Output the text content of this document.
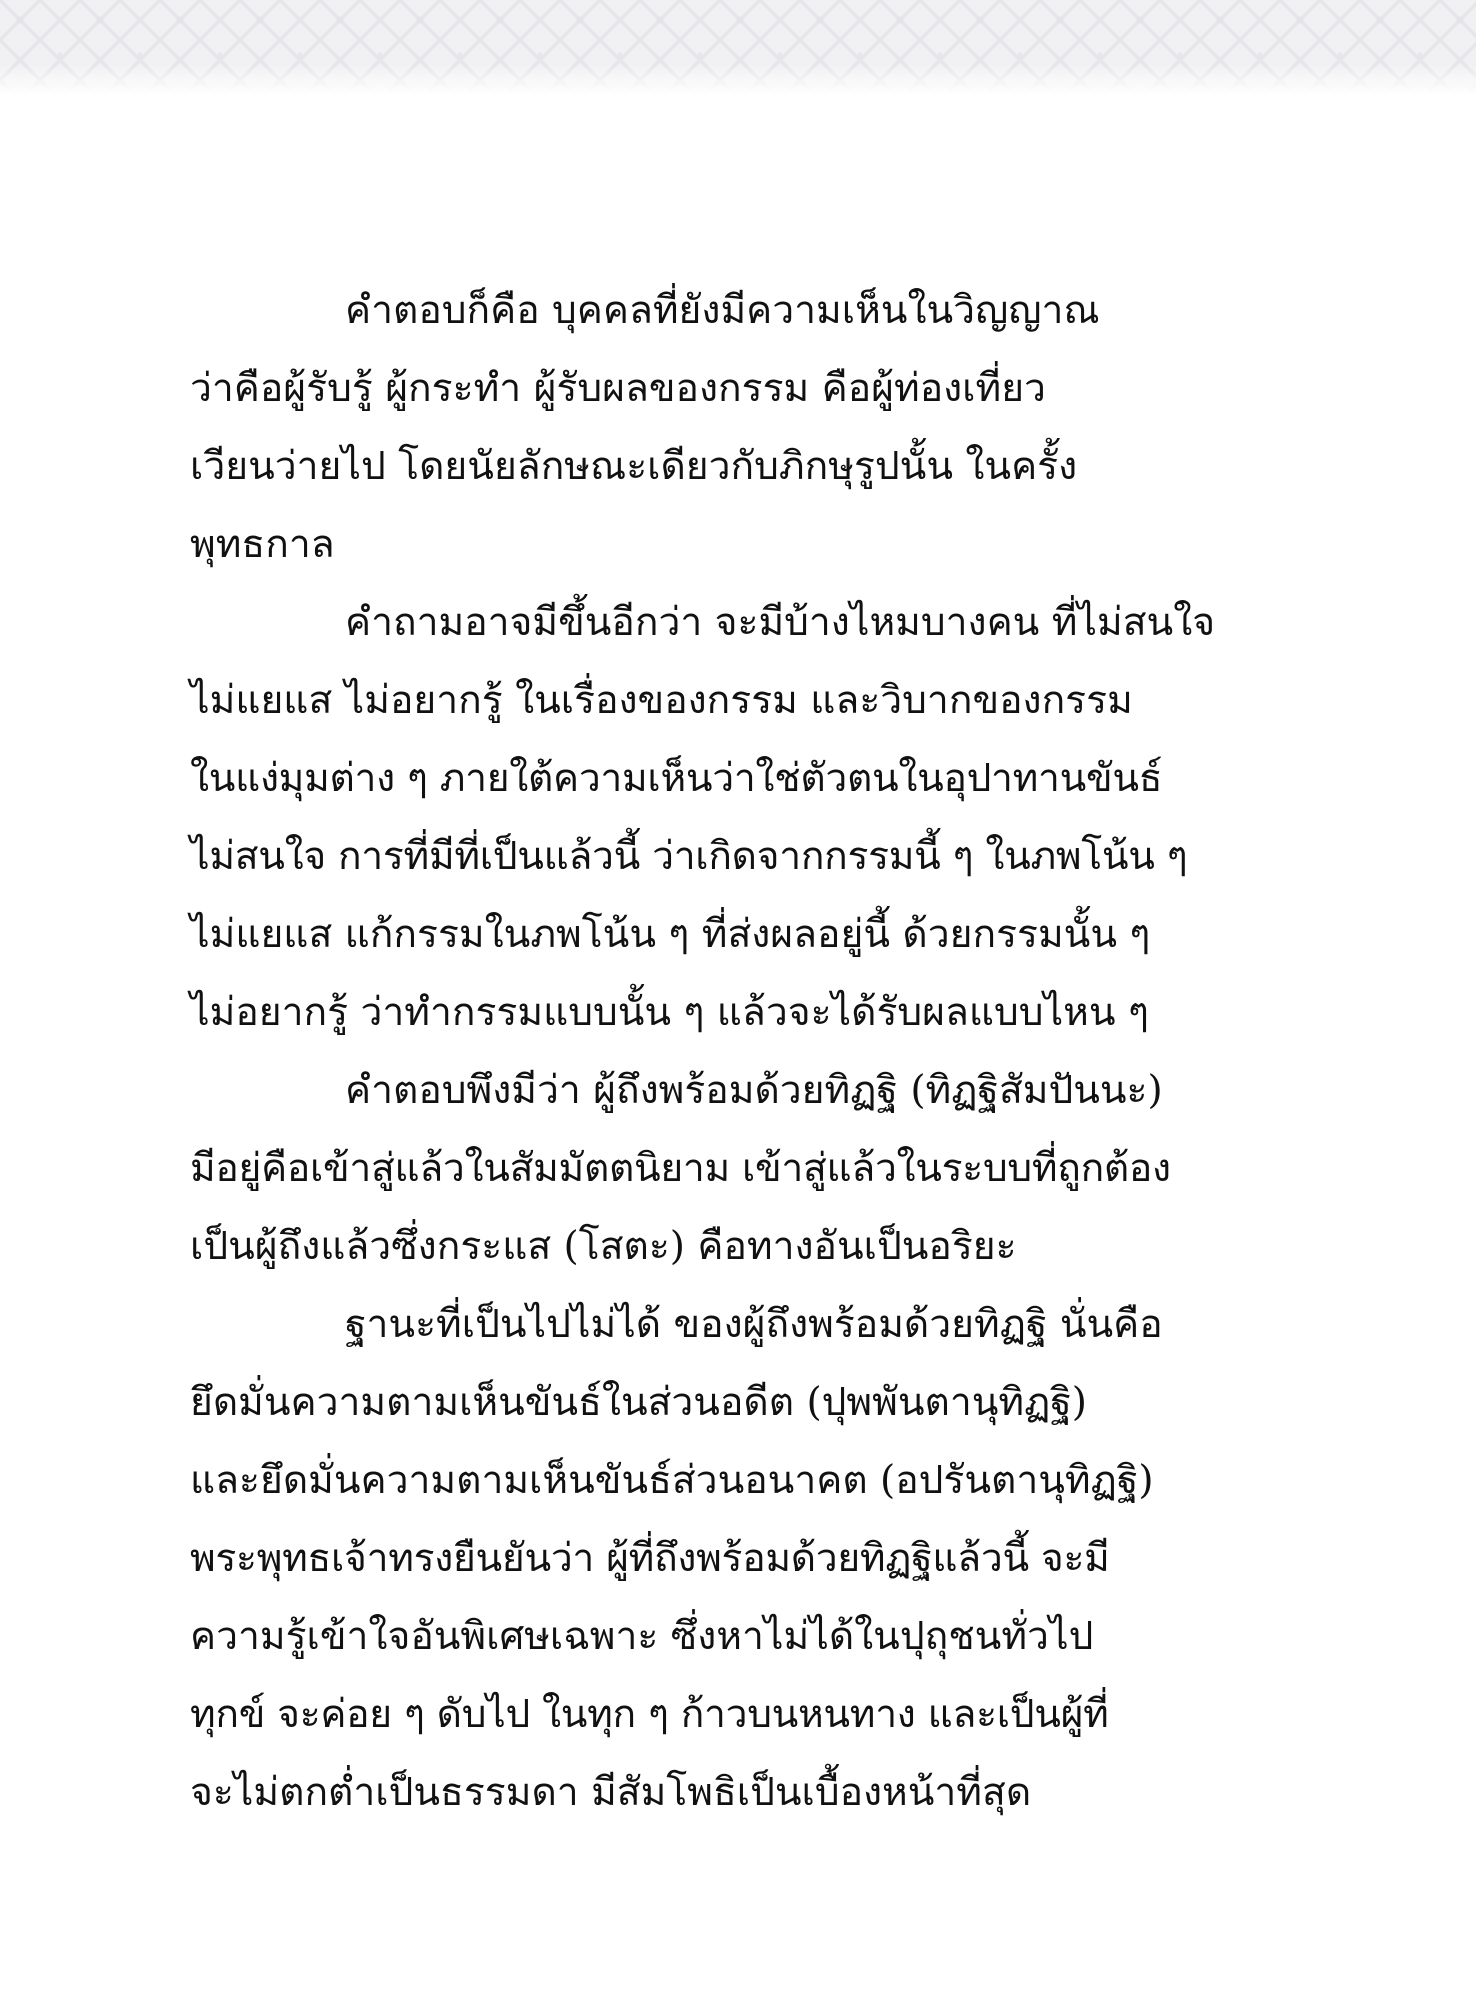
คำตอบก็คือ บุคคลที่ยังมีความเห็นในวิญญาณ
ว่าคือผู้รับรู้ ผู้กระทำ ผู้รับผลของกรรม คือผู้ท่องเที่ยว
เวียนว่ายไป โดยนัยลักษณะเดียวกับภิกษุรูปนั้น ในครั้ง
พุทธกาล
คำถามอาจมีขึ้นอีกว่า จะมีบ้างไหมบางคน ที่ไม่สนใจ
ไม่แยแส ไม่อยากรู้ ในเรื่องของกรรม และวิบากของกรรม
ในแง่มุมต่าง ๆ ภายใต้ความเห็นว่าใช่ตัวตนในอุปาทานขันธ์
ไม่สนใจ การที่มีที่เป็นแล้วนี้ ว่าเกิดจากกรรมนี้ ๆ ในภพโน้น ๆ
ไม่แยแส แก้กรรมในภพโน้น ๆ ที่ส่งผลอยู่นี้ ด้วยกรรมนั้น ๆ
ไม่อยากรู้ ว่าทำกรรมแบบนั้น ๆ แล้วจะได้รับผลแบบไหน ๆ
คำตอบพึงมีว่า ผู้ถึงพร้อมด้วยทิฏฐิ (ทิฏฐิสัมปันนะ)
มีอยู่คือเข้าสู่แล้วในสัมมัตตนิยาม เข้าสู่แล้วในระบบที่ถูกต้อง
เป็นผู้ถึงแล้วซึ่งกระแส (โสตะ) คือทางอันเป็นอริยะ
ฐานะที่เป็นไปไม่ได้ ของผู้ถึงพร้อมด้วยทิฏฐิ นั่นคือ
ยึดมั่นความตามเห็นขันธ์ในส่วนอดีต (ปุพพันตานุทิฏฐิ)
และยึดมั่นความตามเห็นขันธ์ส่วนอนาคต (อปรันตานุทิฏฐิ)
พระพุทธเจ้าทรงยืนยันว่า ผู้ที่ถึงพร้อมด้วยทิฏฐิแล้วนี้ จะมี
ความรู้เข้าใจอันพิเศษเฉพาะ ซึ่งหาไม่ได้ในปุถุชนทั่วไป
ทุกข์ จะค่อย ๆ ดับไป ในทุก ๆ ก้าวบนหนทาง และเป็นผู้ที่
จะไม่ตกต่ำเป็นธรรมดา มีสัมโพธิเป็นเบื้องหน้าที่สุด
